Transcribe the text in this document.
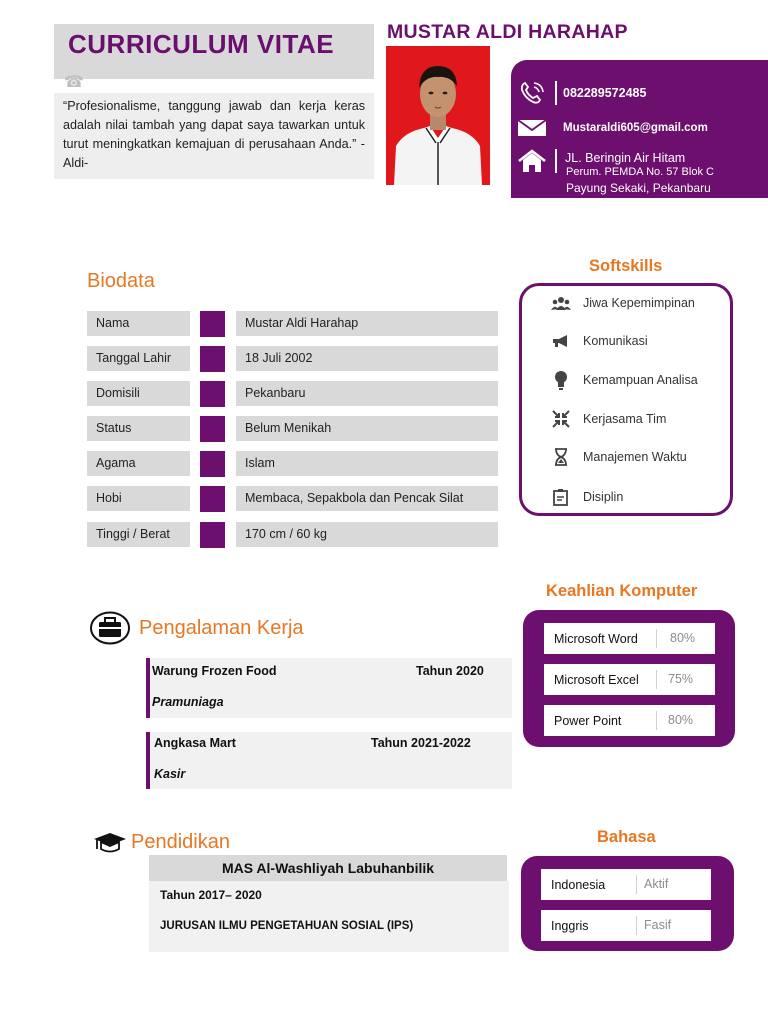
CURRICULUM VITAE
☎
“Profesionalisme, tanggung jawab dan kerja keras adalah nilai tambah yang dapat saya tawarkan untuk turut meningkatkan kemajuan di perusahaan Anda.” - Aldi-
MUSTAR ALDI HARAHAP
082289572485
Mustaraldi605@gmail.com
JL. Beringin Air Hitam
Perum. PEMDA No. 57 Blok C
Payung Sekaki, Pekanbaru
Biodata
Nama	Mustar Aldi Harahap
Tanggal Lahir	18 Juli 2002
Domisili	Pekanbaru
Status	Belum Menikah
Agama	Islam
Hobi	Membaca, Sepakbola dan Pencak Silat
Tinggi / Berat	170 cm / 60 kg
Softskills
Jiwa Kepemimpinan
Komunikasi
Kemampuan Analisa
Kerjasama Tim
Manajemen Waktu
Disiplin
Pengalaman Kerja
Warung Frozen Food	Tahun 2020
Pramuniaga
Angkasa Mart	Tahun 2021-2022
Kasir
Keahlian Komputer
Microsoft Word	80%
Microsoft Excel 75%
Power Point	80%
Pendidikan
MAS Al-Washliyah Labuhanbilik
Tahun 2017– 2020
JURUSAN ILMU PENGETAHUAN SOSIAL (IPS)
Bahasa
Indonesia	Aktif
Inggris	Fasif
